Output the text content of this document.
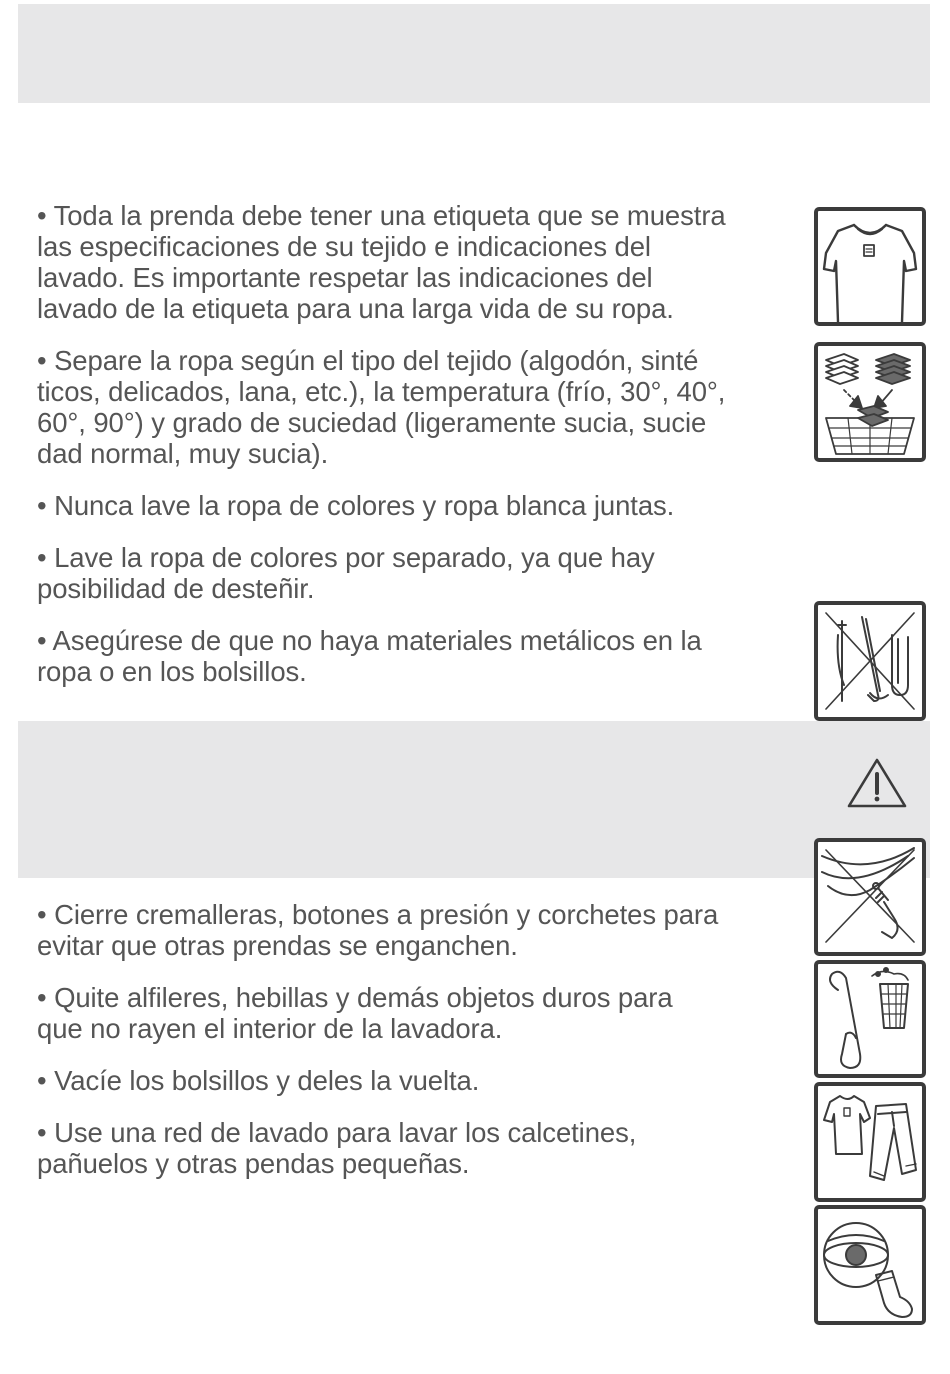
• Toda la prenda debe tener una etiqueta que se muestra
las especificaciones de su tejido e indicaciones del
lavado. Es importante respetar las indicaciones del
lavado de la etiqueta para una larga vida de su ropa.

• Separe la ropa según el tipo del tejido (algodón, sinté
ticos, delicados, lana, etc.), la temperatura (frío, 30°, 40°,
60°, 90°) y grado de suciedad (ligeramente sucia, sucie
dad normal, muy sucia).

• Nunca lave la ropa de colores y ropa blanca juntas.

• Lave la ropa de colores por separado, ya que hay
posibilidad de desteñir.

• Asegúrese de que no haya materiales metálicos en la
ropa o en los bolsillos.

• Cierre cremalleras, botones a presión y corchetes para
evitar que otras prendas se enganchen.

• Quite alfileres, hebillas y demás objetos duros para
que no rayen el interior de la lavadora.

• Vacíe los bolsillos y deles la vuelta.

• Use una red de lavado para lavar los calcetines,
pañuelos y otras pendas pequeñas.
